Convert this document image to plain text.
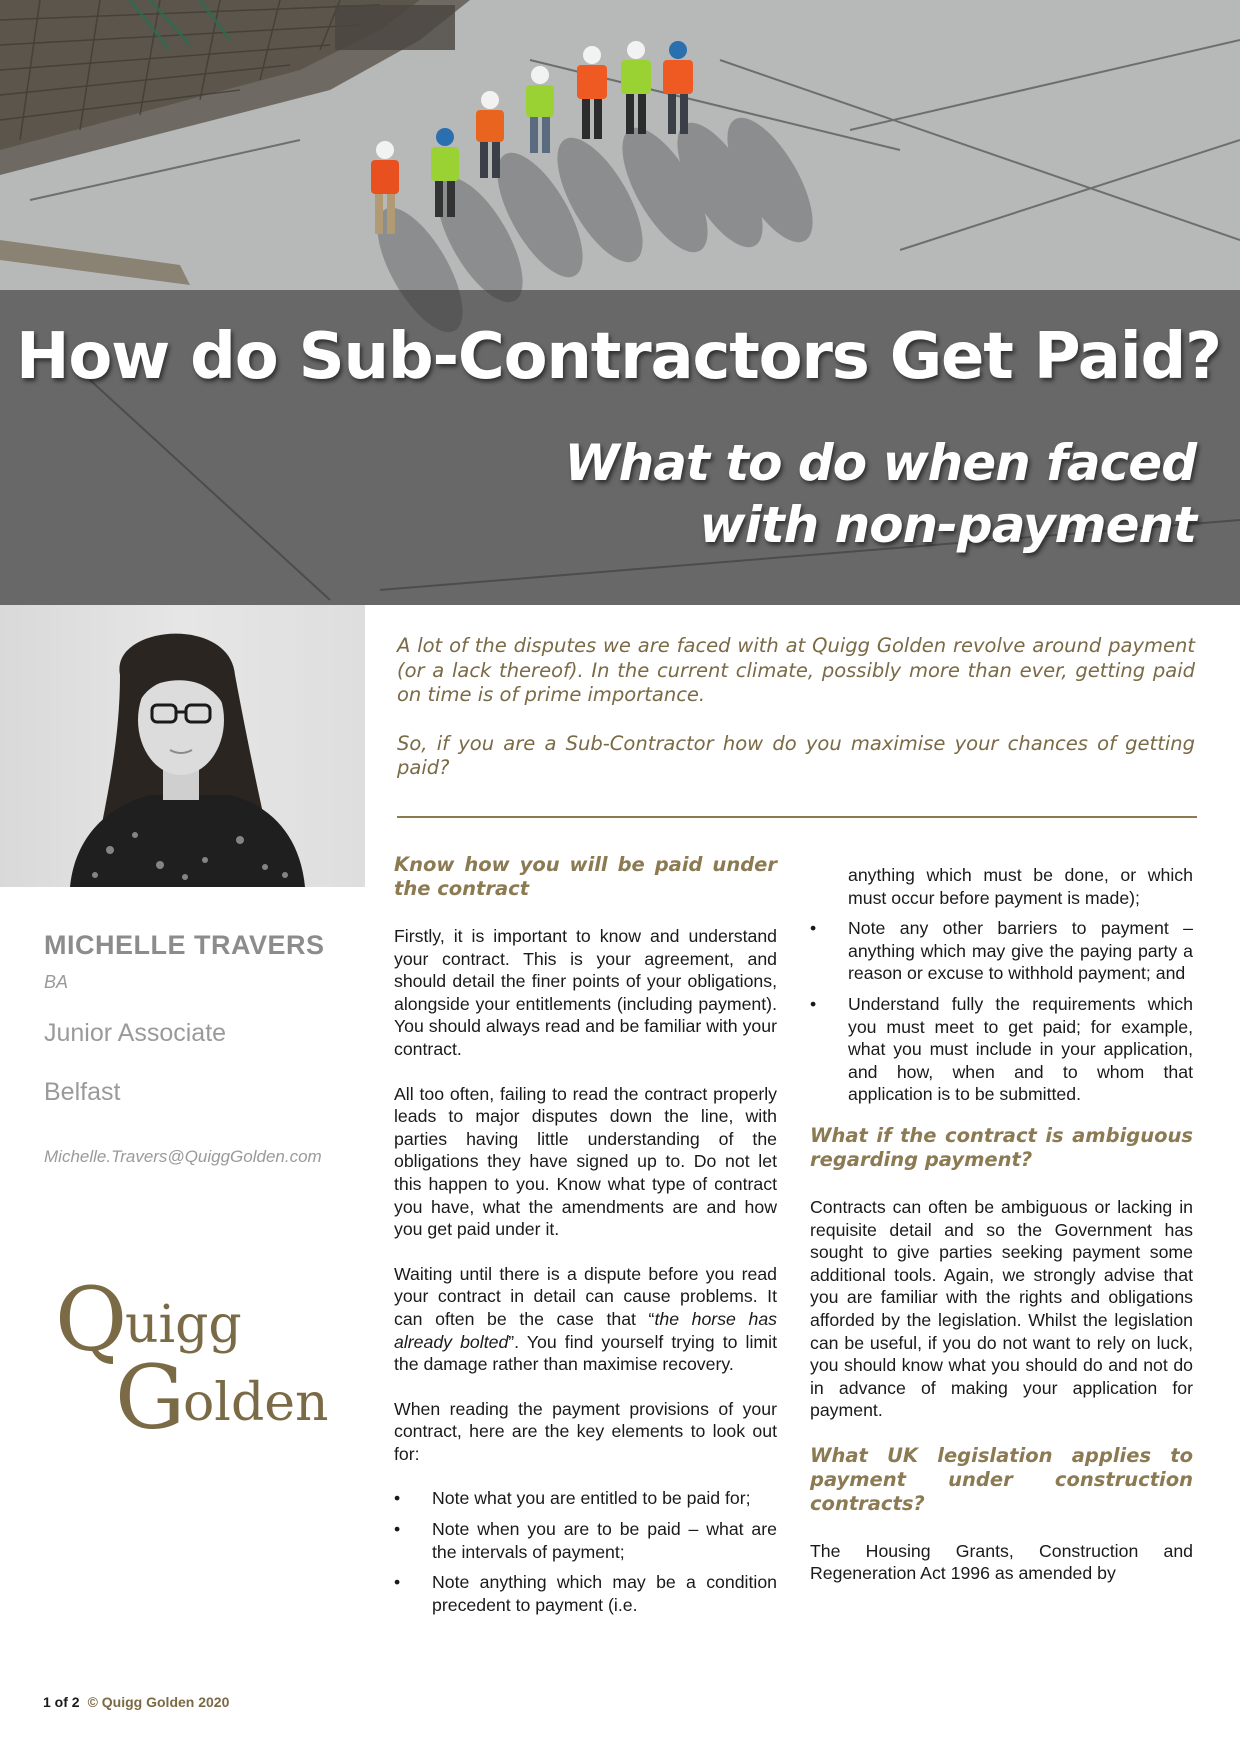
How do Sub-Contractors Get Paid?
What to do when faced
with non-payment
MICHELLE TRAVERS
BA
Junior Associate
Belfast
Michelle.Travers@QuiggGolden.com
Q
uigg
G
olden
1 of 2 © Quigg Golden 2020

A lot of the disputes we are faced with at Quigg Golden revolve around payment (or a lack thereof). In the current climate, possibly more than ever, getting paid on time is of prime importance.

So, if you are a Sub-Contractor how do you maximise your chances of getting paid?

Know how you will be paid under the contract

Firstly, it is important to know and understand your contract. This is your agreement, and should detail the finer points of your obligations, alongside your entitlements (including payment). You should always read and be familiar with your contract.

All too often, failing to read the contract properly leads to major disputes down the line, with parties having little understanding of the obligations they have signed up to. Do not let this happen to you. Know what type of contract you have, what the amendments are and how you get paid under it.

Waiting until there is a dispute before you read your contract in detail can cause problems. It can often be the case that “the horse has already bolted”. You find yourself trying to limit the damage rather than maximise recovery.

When reading the payment provisions of your contract, here are the key elements to look out for:

• Note what you are entitled to be paid for;
• Note when you are to be paid – what are the intervals of payment;
• Note anything which may be a condition precedent to payment (i.e.
anything which must be done, or which must occur before payment is made);
• Note any other barriers to payment – anything which may give the paying party a reason or excuse to withhold payment; and
• Understand fully the requirements which you must meet to get paid; for example, what you must include in your application, and how, when and to whom that application is to be submitted.
What if the contract is ambiguous regarding payment?

Contracts can often be ambiguous or lacking in requisite detail and so the Government has sought to give parties seeking payment some additional tools. Again, we strongly advise that you are familiar with the rights and obligations afforded by the legislation. Whilst the legislation can be useful, if you do not want to rely on luck, you should know what you should do and not do in advance of making your application for payment.

What UK legislation applies to payment under construction contracts?

The Housing Grants, Construction and Regeneration Act 1996 as amended by
